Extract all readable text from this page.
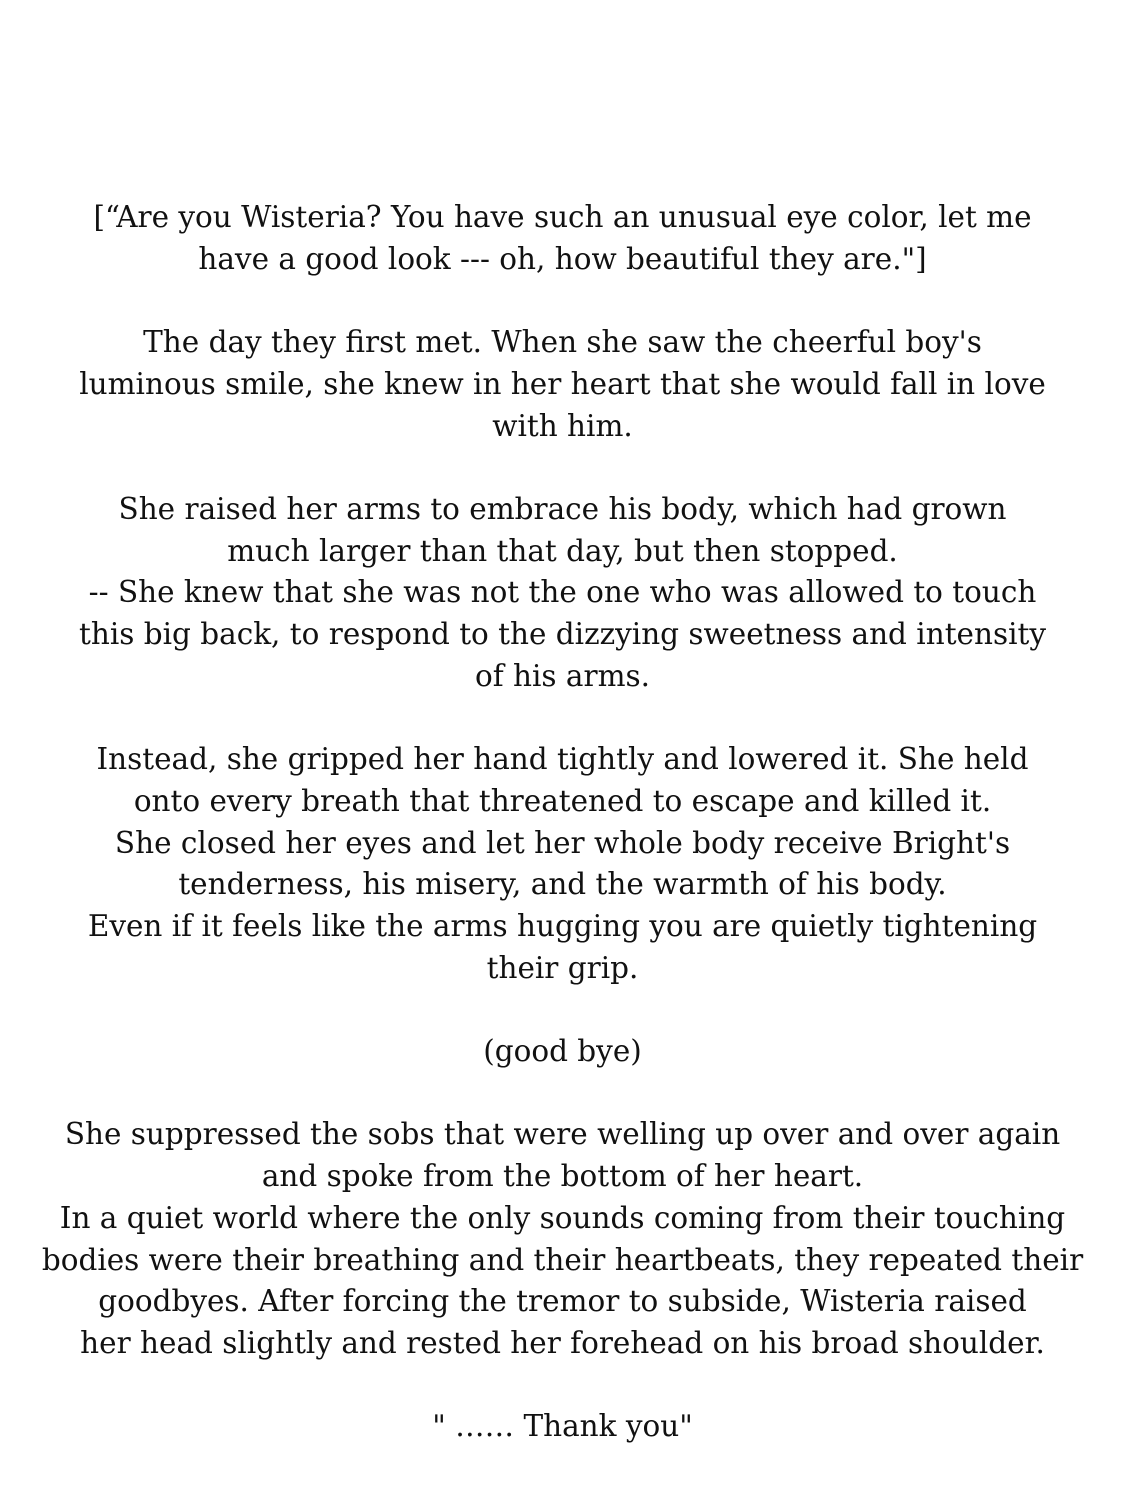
[“Are you Wisteria? You have such an unusual eye color, let me
have a good look --- oh, how beautiful they are."]

The day they first met. When she saw the cheerful boy's
luminous smile, she knew in her heart that she would fall in love
with him.

She raised her arms to embrace his body, which had grown
much larger than that day, but then stopped.
-- She knew that she was not the one who was allowed to touch
this big back, to respond to the dizzying sweetness and intensity
of his arms.

Instead, she gripped her hand tightly and lowered it. She held
onto every breath that threatened to escape and killed it.
She closed her eyes and let her whole body receive Bright's
tenderness, his misery, and the warmth of his body.
Even if it feels like the arms hugging you are quietly tightening
their grip.

(good bye)

She suppressed the sobs that were welling up over and over again
and spoke from the bottom of her heart.
In a quiet world where the only sounds coming from their touching
bodies were their breathing and their heartbeats, they repeated their
goodbyes. After forcing the tremor to subside, Wisteria raised
her head slightly and rested her forehead on his broad shoulder.

" …… Thank you"
